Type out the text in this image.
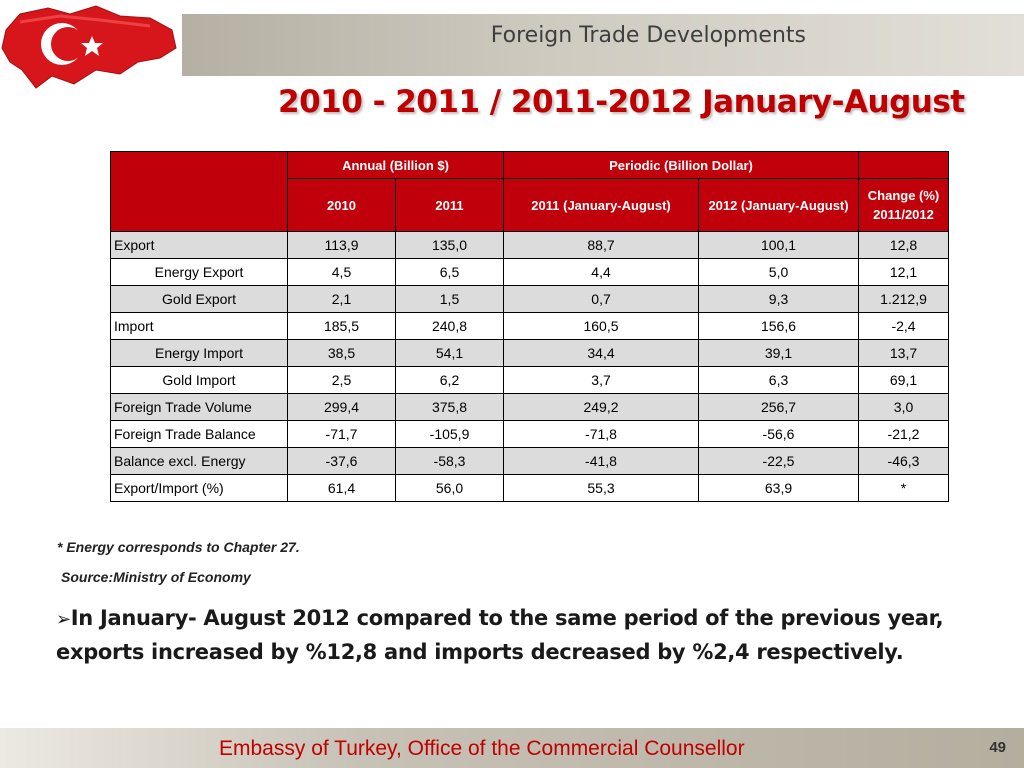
Foreign Trade Developments
2010 - 2011 / 2011-2012 January-August
	Annual (Billion $)		Periodic (Billion Dollar)		
	2010	2011	2011 (January-August)	2012 (January-August)	Change (%)
2011/2012

Export	113,9	135,0	88,7	100,1	12,8
Energy Export	4,5	6,5	4,4	5,0	12,1
Gold Export	2,1	1,5	0,7	9,3	1.212,9
Import	185,5	240,8	160,5	156,6	-2,4
Energy Import	38,5	54,1	34,4	39,1	13,7
Gold Import	2,5	6,2	3,7	6,3	69,1
Foreign Trade Volume	299,4	375,8	249,2	256,7	3,0
Foreign Trade Balance	-71,7	-105,9	-71,8	-56,6	-21,2
Balance excl. Energy	-37,6	-58,3	-41,8	-22,5	-46,3
Export/Import (%)	61,4	56,0	55,3	63,9	*
* Energy corresponds to Chapter 27.
Source:Ministry of Economy
➢In January- August 2012 compared to the same period of the previous year, exports increased by %12,8 and imports decreased by %2,4 respectively.
Embassy of Turkey, Office of the Commercial Counsellor	49
